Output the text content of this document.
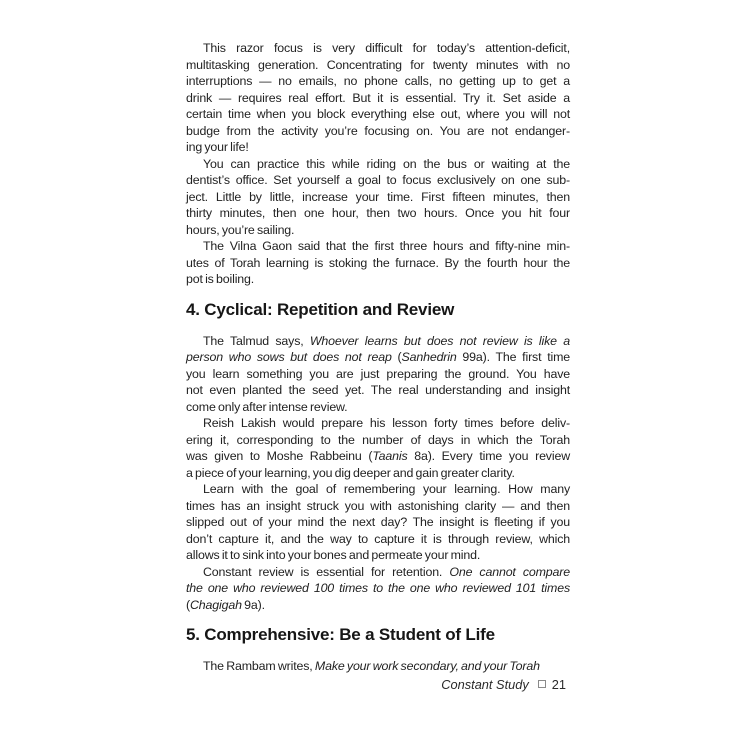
This razor focus is very difficult for today’s attention-deficit,
multitasking generation. Concentrating for twenty minutes with no
interruptions — no emails, no phone calls, no getting up to get a
drink — requires real effort. But it is essential. Try it. Set aside a
certain time when you block everything else out, where you will not
budge from the activity you’re focusing on. You are not endanger-
ing your life!
You can practice this while riding on the bus or waiting at the
dentist’s office. Set yourself a goal to focus exclusively on one sub-
ject. Little by little, increase your time. First fifteen minutes, then
thirty minutes, then one hour, then two hours. Once you hit four
hours, you’re sailing.
The Vilna Gaon said that the first three hours and fifty-nine min-
utes of Torah learning is stoking the furnace. By the fourth hour the
pot is boiling.
4. Cyclical: Repetition and Review
The Talmud says, Whoever learns but does not review is like a
person who sows but does not reap (Sanhedrin 99a). The first time
you learn something you are just preparing the ground. You have
not even planted the seed yet. The real understanding and insight
come only after intense review.
Reish Lakish would prepare his lesson forty times before deliv-
ering it, corresponding to the number of days in which the Torah
was given to Moshe Rabbeinu (Taanis 8a). Every time you review
a piece of your learning, you dig deeper and gain greater clarity.
Learn with the goal of remembering your learning. How many
times has an insight struck you with astonishing clarity — and then
slipped out of your mind the next day? The insight is fleeting if you
don’t capture it, and the way to capture it is through review, which
allows it to sink into your bones and permeate your mind.
Constant review is essential for retention. One cannot compare
the one who reviewed 100 times to the one who reviewed 101 times
(Chagigah 9a).
5. Comprehensive: Be a Student of Life
The Rambam writes, Make your work secondary, and your Torah
Constant Study 21
